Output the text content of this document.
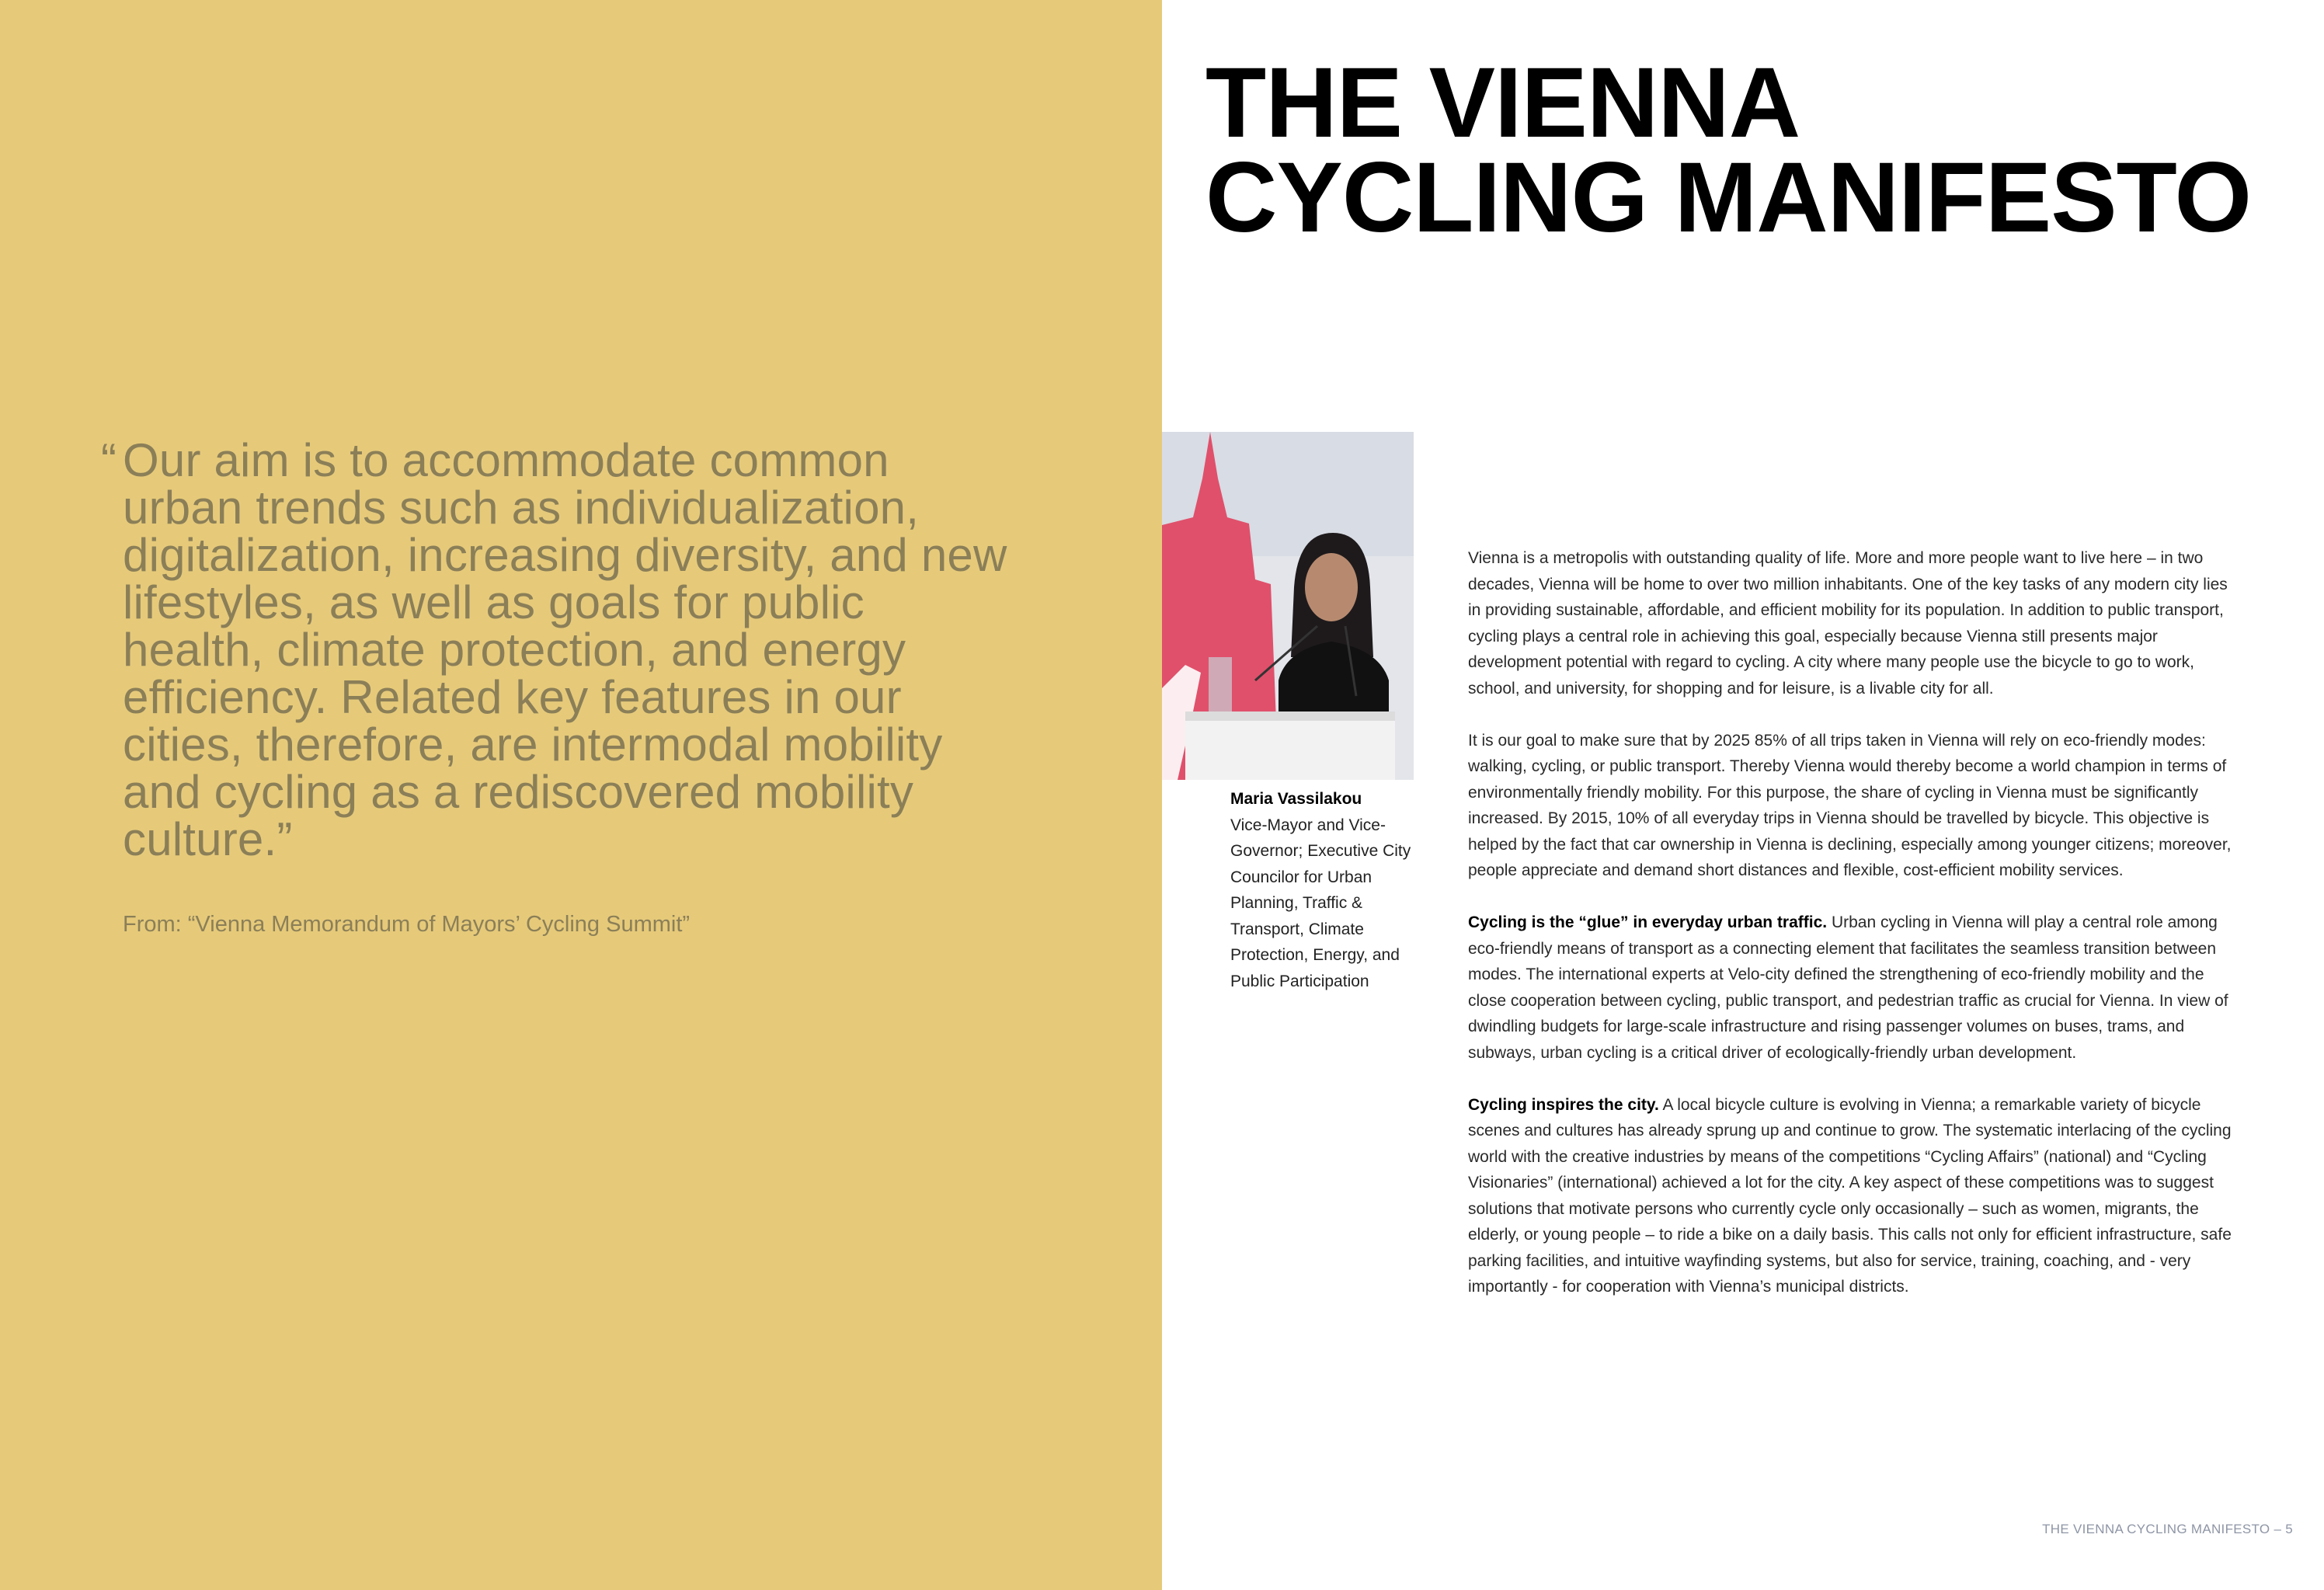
“ Our aim is to accommodate common urban trends such as individualization, digitalization, increasing diversity, and new lifestyles, as well as goals for public health, climate protection, and energy efficiency. Related key features in our cities, therefore, are intermodal mobility and cycling as a rediscovered mobility culture.”

From: “Vienna Memorandum of Mayors’ Cycling Summit”
THE VIENNA
CYCLING MANIFESTO
Maria Vassilakou
Vice-Mayor and Vice-Governor; Executive City Councilor for Urban Planning, Traffic & Transport, Climate Protection, Energy, and Public Participation

Vienna is a metropolis with outstanding quality of life. More and more people want to live here – in two decades, Vienna will be home to over two million inhabitants. One of the key tasks of any modern city lies in providing sustainable, affordable, and efficient mobility for its population. In addition to public transport, cycling plays a central role in achieving this goal, especially because Vienna still presents major development potential with regard to cycling. A city where many people use the bicycle to go to work, school, and university, for shopping and for leisure, is a livable city for all.

It is our goal to make sure that by 2025 85% of all trips taken in Vienna will rely on eco-friendly modes: walking, cycling, or public transport. Thereby Vienna would thereby become a world champion in terms of environmentally friendly mobility. For this purpose, the share of cycling in Vienna must be significantly increased. By 2015, 10% of all everyday trips in Vienna should be travelled by bicycle. This objective is helped by the fact that car ownership in Vienna is declining, especially among younger citizens; moreover, people appreciate and demand short distances and flexible, cost-efficient mobility services.

Cycling is the “glue” in everyday urban traffic. Urban cycling in Vienna will play a central role among eco-friendly means of transport as a connecting element that facilitates the seamless transition between modes. The international experts at Velo-city defined the strengthening of eco-friendly mobility and the close cooperation between cycling, public transport, and pedestrian traffic as crucial for Vienna. In view of dwindling budgets for large-scale infrastructure and rising passenger volumes on buses, trams, and subways, urban cycling is a critical driver of ecologically-friendly urban development.

Cycling inspires the city. A local bicycle culture is evolving in Vienna; a remarkable variety of bicycle scenes and cultures has already sprung up and continue to grow. The systematic interlacing of the cycling world with the creative industries by means of the competitions “Cycling Affairs” (national) and “Cycling Visionaries” (international) achieved a lot for the city. A key aspect of these competitions was to suggest solutions that motivate persons who currently cycle only occasionally – such as women, migrants, the elderly, or young people – to ride a bike on a daily basis. This calls not only for efficient infrastructure, safe parking facilities, and intuitive wayfinding systems, but also for service, training, coaching, and - very importantly - for cooperation with Vienna’s municipal districts.

THE VIENNA CYCLING MANIFESTO – 5
